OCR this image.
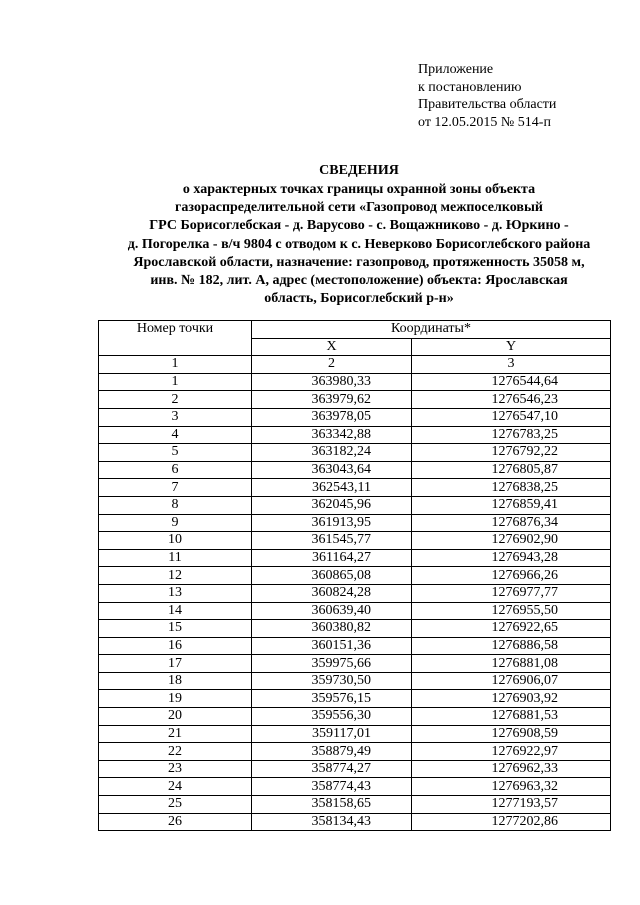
Приложение
к постановлению
Правительства области
от 12.05.2015 № 514-п
СВЕДЕНИЯ
о характерных точках границы охранной зоны объекта
газораспределительной сети «Газопровод межпоселковый
ГРС Борисоглебская - д. Варусово - с. Вощажниково - д. Юркино -
д. Погорелка - в/ч 9804 с отводом к с. Неверково Борисоглебского района
Ярославской области, назначение: газопровод, протяженность 35058 м,
инв. № 182, лит. А, адрес (местоположение) объекта: Ярославская
область, Борисоглебский р-н»
Номер точки	Координаты*	
	X	Y
1	2	3
1	363980,33	1276544,64
2	363979,62	1276546,23
3	363978,05	1276547,10
4	363342,88	1276783,25
5	363182,24	1276792,22
6	363043,64	1276805,87
7	362543,11	1276838,25
8	362045,96	1276859,41
9	361913,95	1276876,34
10	361545,77	1276902,90
11	361164,27	1276943,28
12	360865,08	1276966,26
13	360824,28	1276977,77
14	360639,40	1276955,50
15	360380,82	1276922,65
16	360151,36	1276886,58
17	359975,66	1276881,08
18	359730,50	1276906,07
19	359576,15	1276903,92
20	359556,30	1276881,53
21	359117,01	1276908,59
22	358879,49	1276922,97
23	358774,27	1276962,33
24	358774,43	1276963,32
25	358158,65	1277193,57
26	358134,43	1277202,86
